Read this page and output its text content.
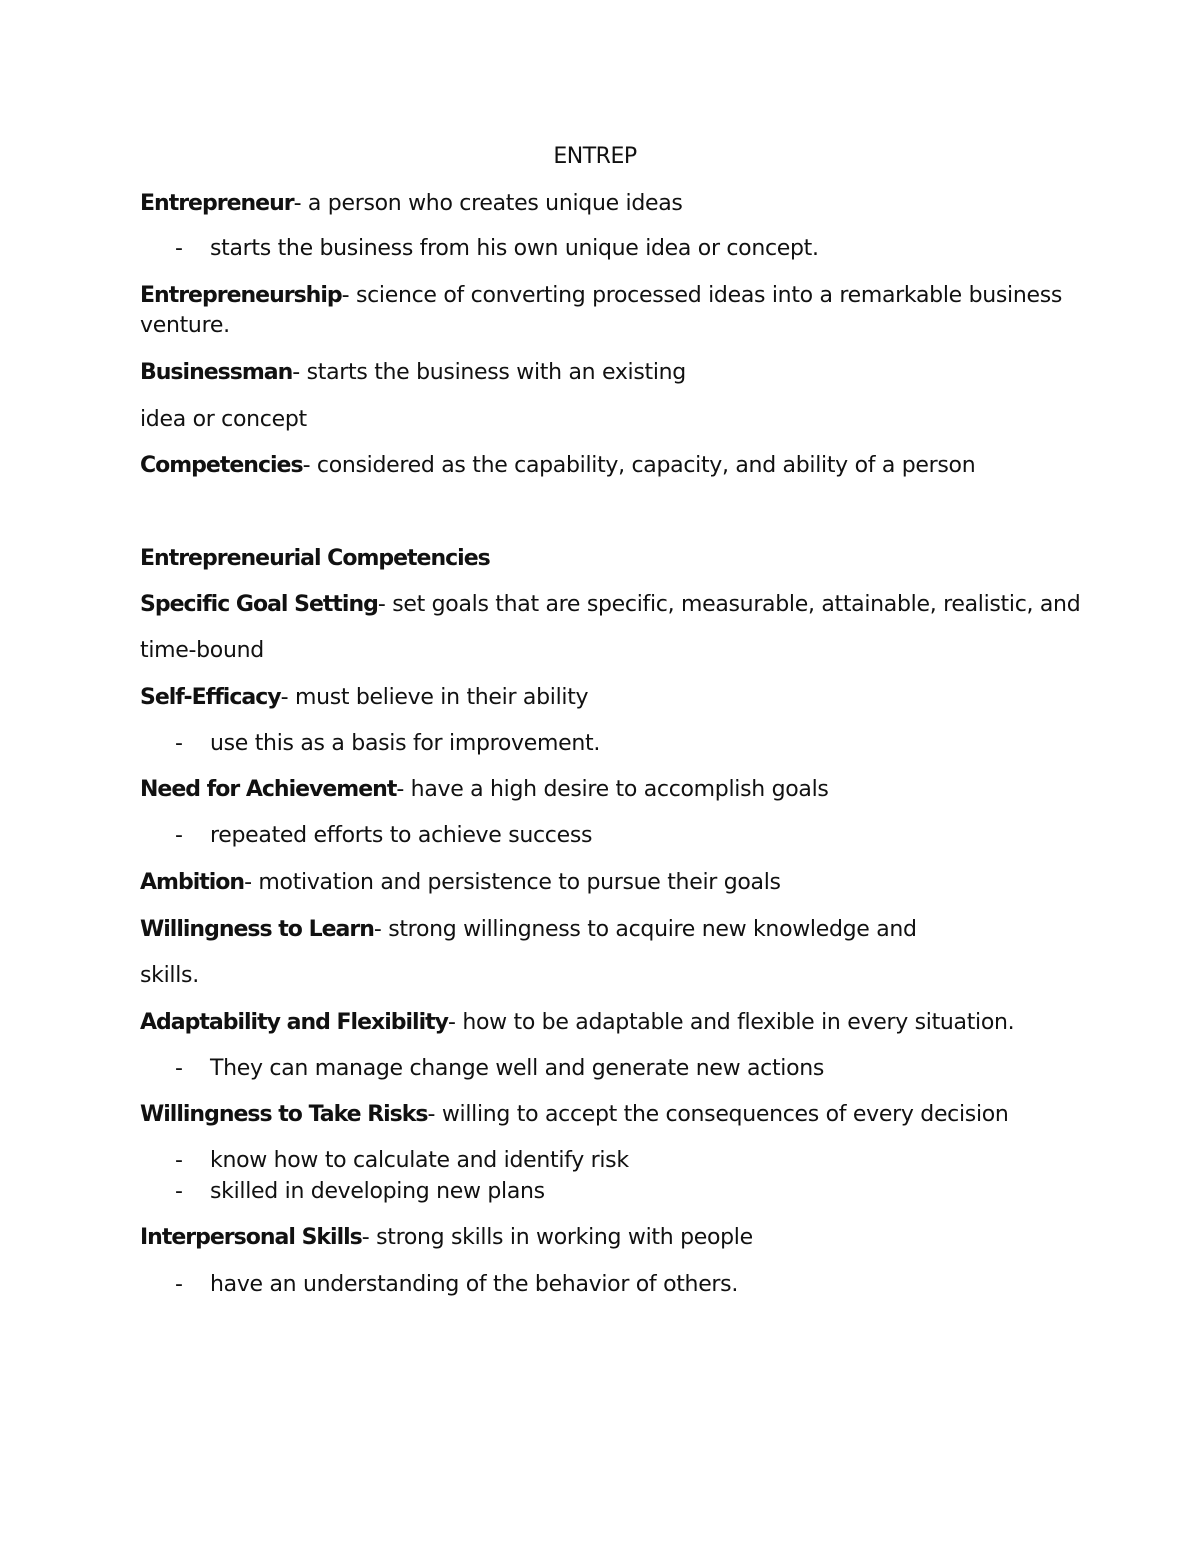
ENTREP
Entrepreneur- a person who creates unique ideas
- starts the business from his own unique idea or concept.
Entrepreneurship- science of converting processed ideas into a remarkable business
venture.
Businessman- starts the business with an existing
idea or concept
Competencies- considered as the capability, capacity, and ability of a person
Entrepreneurial Competencies
Specific Goal Setting- set goals that are specific, measurable, attainable, realistic, and
time-bound
Self-Efficacy- must believe in their ability
- use this as a basis for improvement.
Need for Achievement- have a high desire to accomplish goals
- repeated efforts to achieve success
Ambition- motivation and persistence to pursue their goals
Willingness to Learn- strong willingness to acquire new knowledge and
skills.
Adaptability and Flexibility- how to be adaptable and flexible in every situation.
- They can manage change well and generate new actions
Willingness to Take Risks- willing to accept the consequences of every decision
- know how to calculate and identify risk
- skilled in developing new plans
Interpersonal Skills- strong skills in working with people
- have an understanding of the behavior of others.
